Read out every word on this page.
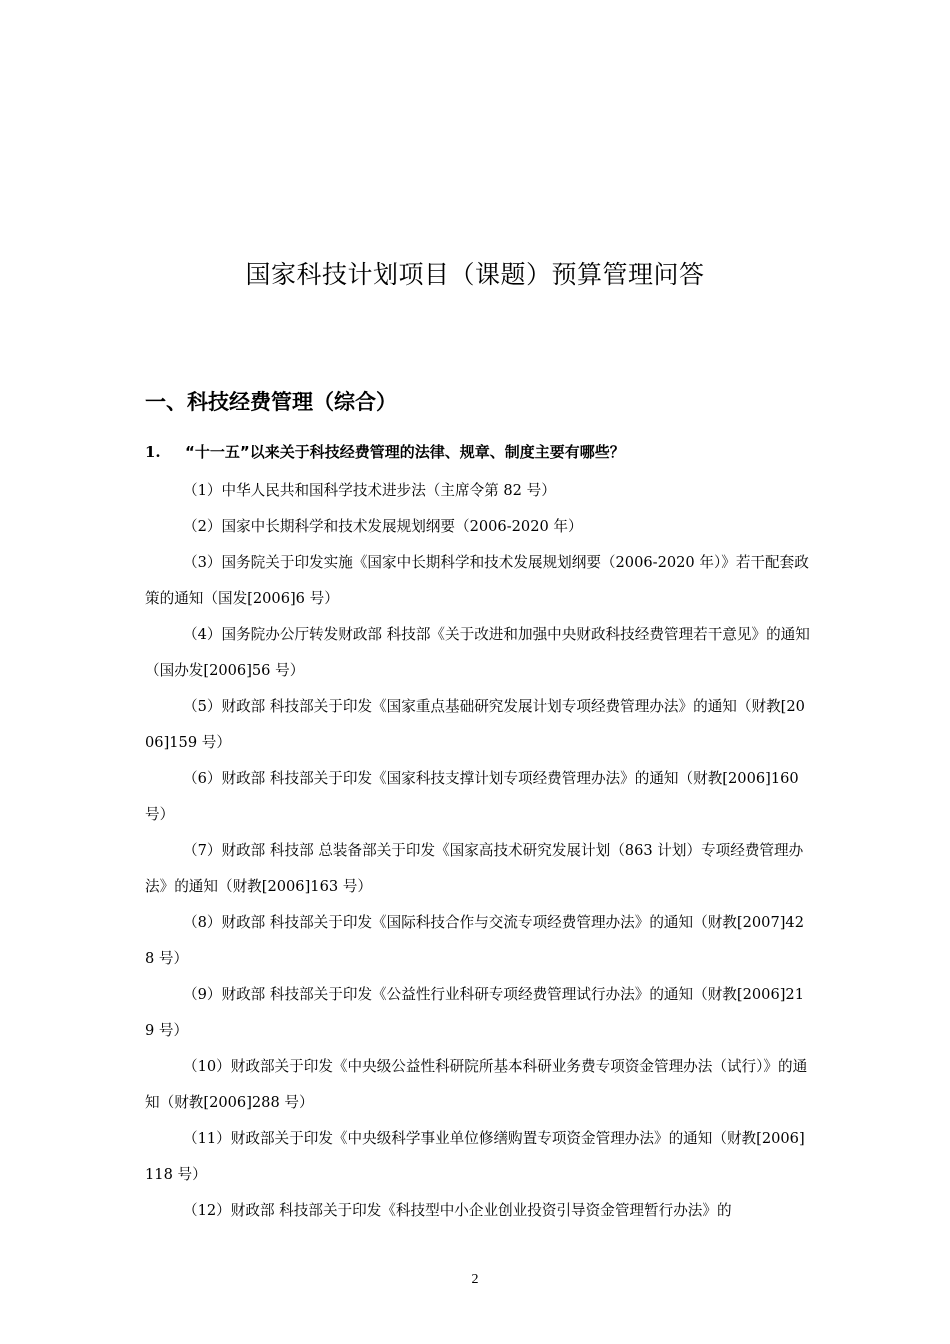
国家科技计划项目（课题）预算管理问答
一、科技经费管理（综合）
1. “十一五”以来关于科技经费管理的法律、规章、制度主要有哪些？
（1）中华人民共和国科学技术进步法（主席令第 82 号）
（2）国家中长期科学和技术发展规划纲要（2006-2020 年）
（3）国务院关于印发实施《国家中长期科学和技术发展规划纲要（2006-2020 年）》若干配套政策的通知（国发[2006]6 号）
（4）国务院办公厅转发财政部 科技部《关于改进和加强中央财政科技经费管理若干意见》的通知（国办发[2006]56 号）
（5）财政部 科技部关于印发《国家重点基础研究发展计划专项经费管理办法》的通知（财教[2006]159 号）
（6）财政部 科技部关于印发《国家科技支撑计划专项经费管理办法》的通知（财教[2006]160 号）
（7）财政部 科技部 总装备部关于印发《国家高技术研究发展计划（863 计划）专项经费管理办法》的通知（财教[2006]163 号）
（8）财政部 科技部关于印发《国际科技合作与交流专项经费管理办法》的通知（财教[2007]428 号）
（9）财政部 科技部关于印发《公益性行业科研专项经费管理试行办法》的通知（财教[2006]219 号）
（10）财政部关于印发《中央级公益性科研院所基本科研业务费专项资金管理办法（试行）》的通知（财教[2006]288 号）
（11）财政部关于印发《中央级科学事业单位修缮购置专项资金管理办法》的通知（财教[2006]118 号）
（12）财政部 科技部关于印发《科技型中小企业创业投资引导资金管理暂行办法》的
2
